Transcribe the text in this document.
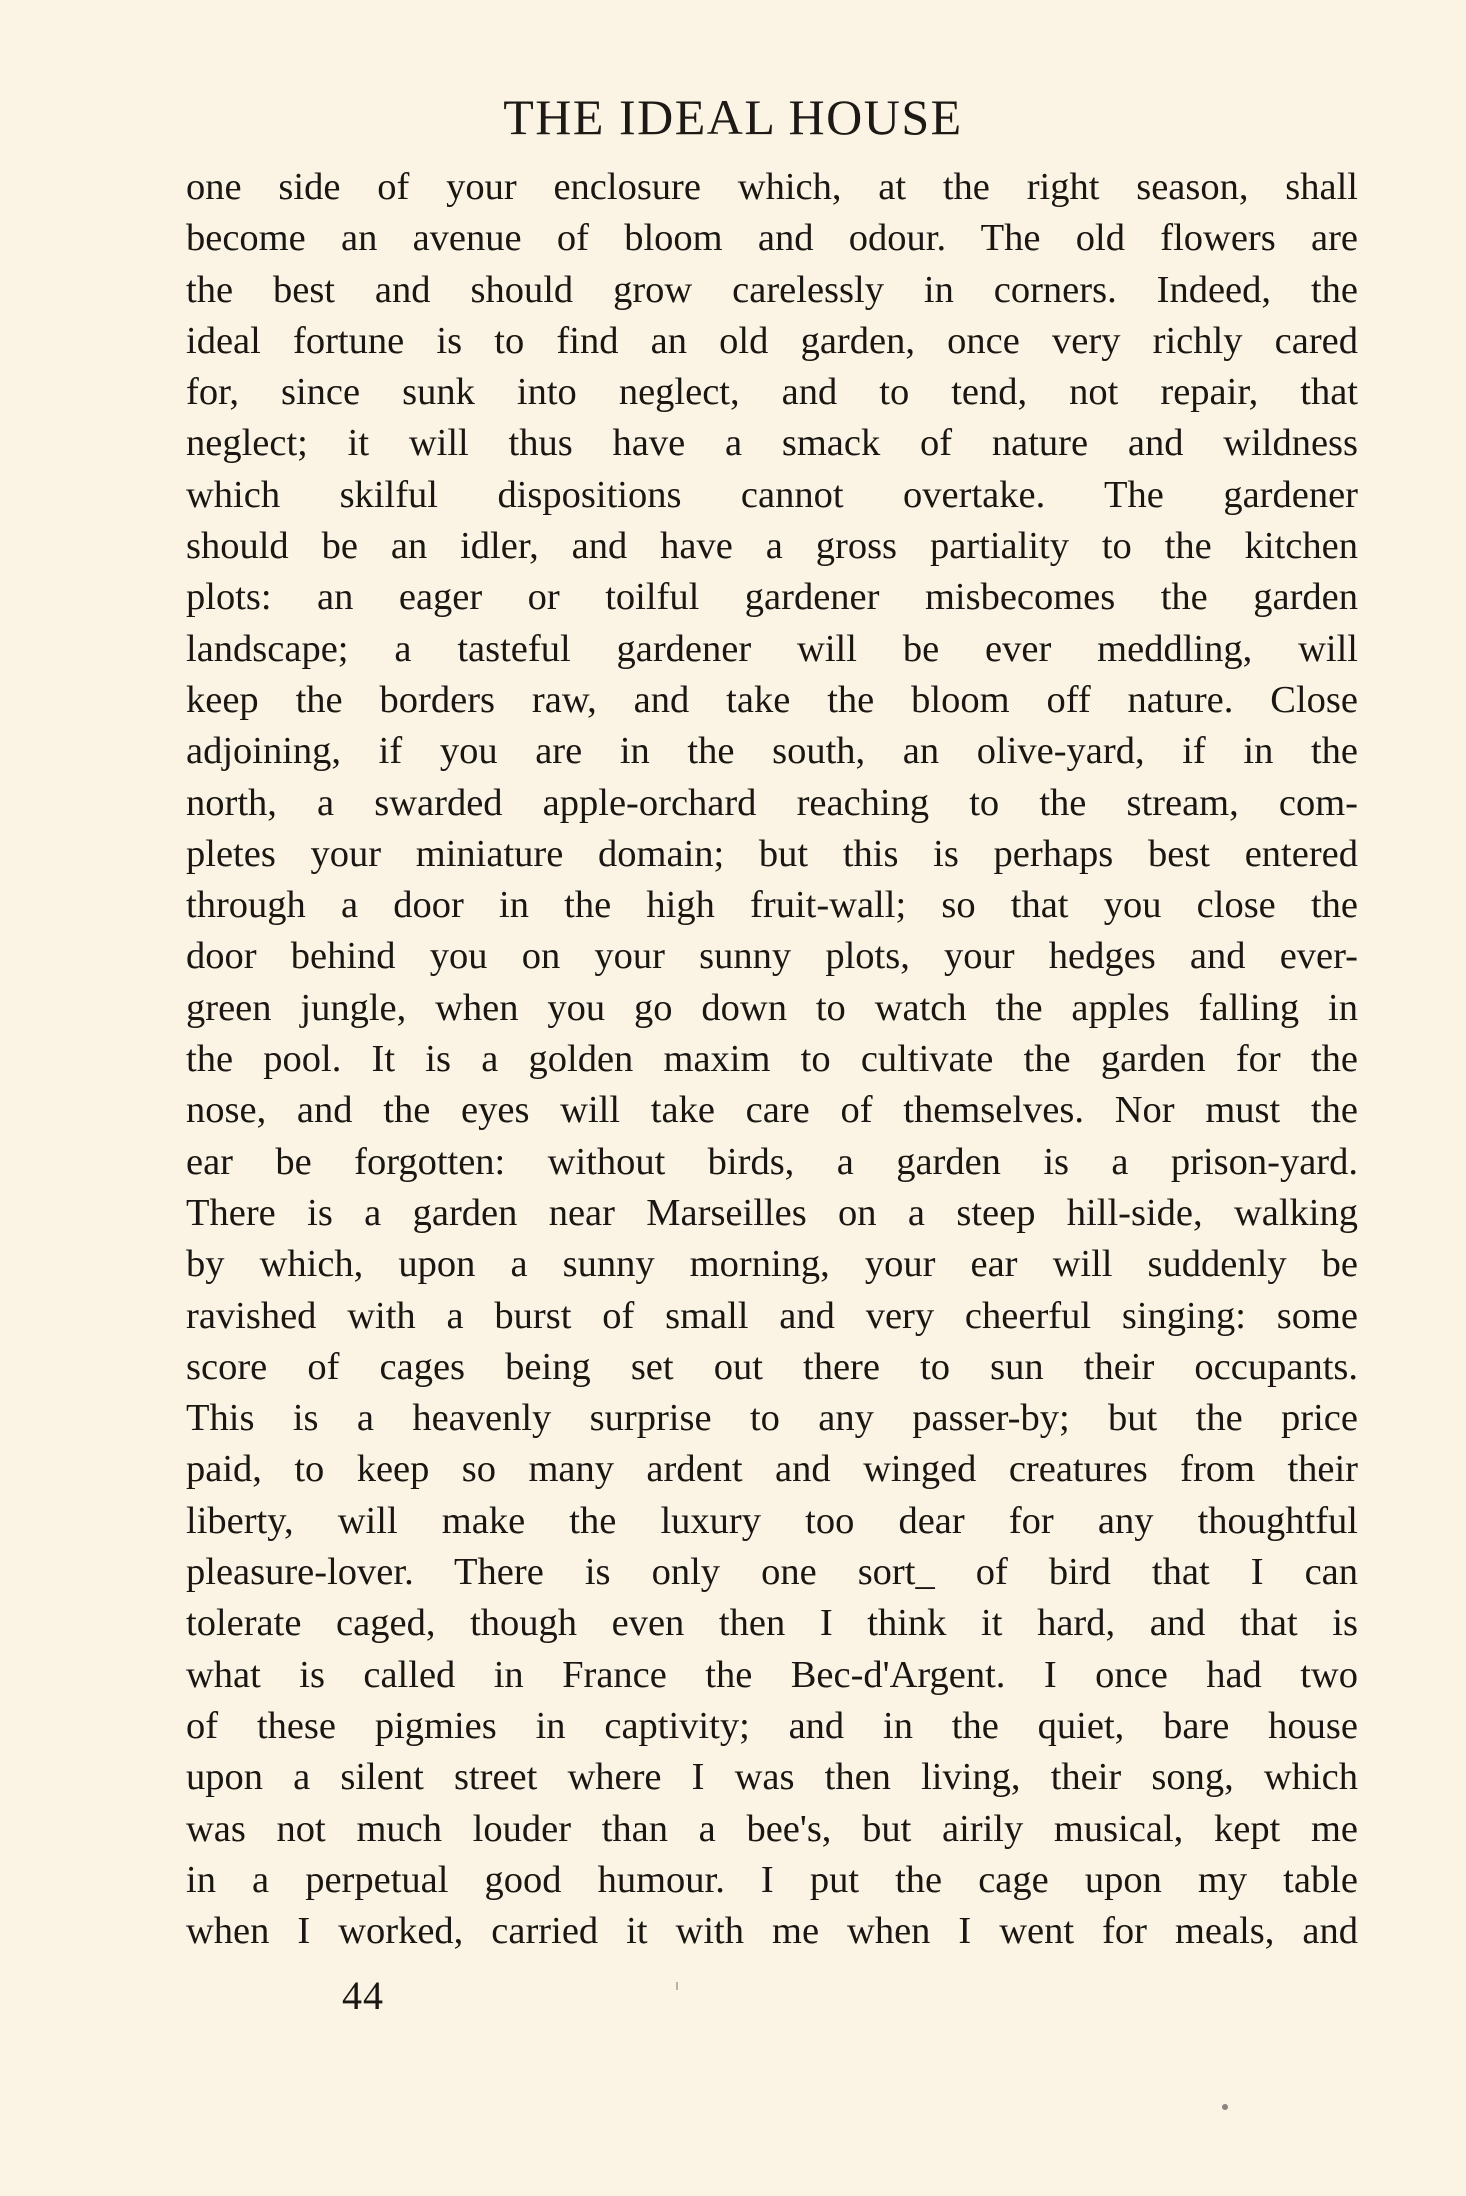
THE IDEAL HOUSE
one side of your enclosure which, at the right season, shall
become an avenue of bloom and odour. The old flowers are
the best and should grow carelessly in corners. Indeed, the
ideal fortune is to find an old garden, once very richly cared
for, since sunk into neglect, and to tend, not repair, that
neglect; it will thus have a smack of nature and wildness
which skilful dispositions cannot overtake. The gardener
should be an idler, and have a gross partiality to the kitchen
plots: an eager or toilful gardener misbecomes the garden
landscape; a tasteful gardener will be ever meddling, will
keep the borders raw, and take the bloom off nature. Close
adjoining, if you are in the south, an olive-yard, if in the
north, a swarded apple-orchard reaching to the stream, com-
pletes your miniature domain; but this is perhaps best entered
through a door in the high fruit-wall; so that you close the
door behind you on your sunny plots, your hedges and ever-
green jungle, when you go down to watch the apples falling in
the pool. It is a golden maxim to cultivate the garden for the
nose, and the eyes will take care of themselves. Nor must the
ear be forgotten: without birds, a garden is a prison-yard.
There is a garden near Marseilles on a steep hill-side, walking
by which, upon a sunny morning, your ear will suddenly be
ravished with a burst of small and very cheerful singing: some
score of cages being set out there to sun their occupants.
This is a heavenly surprise to any passer-by; but the price
paid, to keep so many ardent and winged creatures from their
liberty, will make the luxury too dear for any thoughtful
pleasure-lover. There is only one sort_ of bird that I can
tolerate caged, though even then I think it hard, and that is
what is called in France the Bec-d'Argent. I once had two
of these pigmies in captivity; and in the quiet, bare house
upon a silent street where I was then living, their song, which
was not much louder than a bee's, but airily musical, kept me
in a perpetual good humour. I put the cage upon my table
when I worked, carried it with me when I went for meals, and
44
